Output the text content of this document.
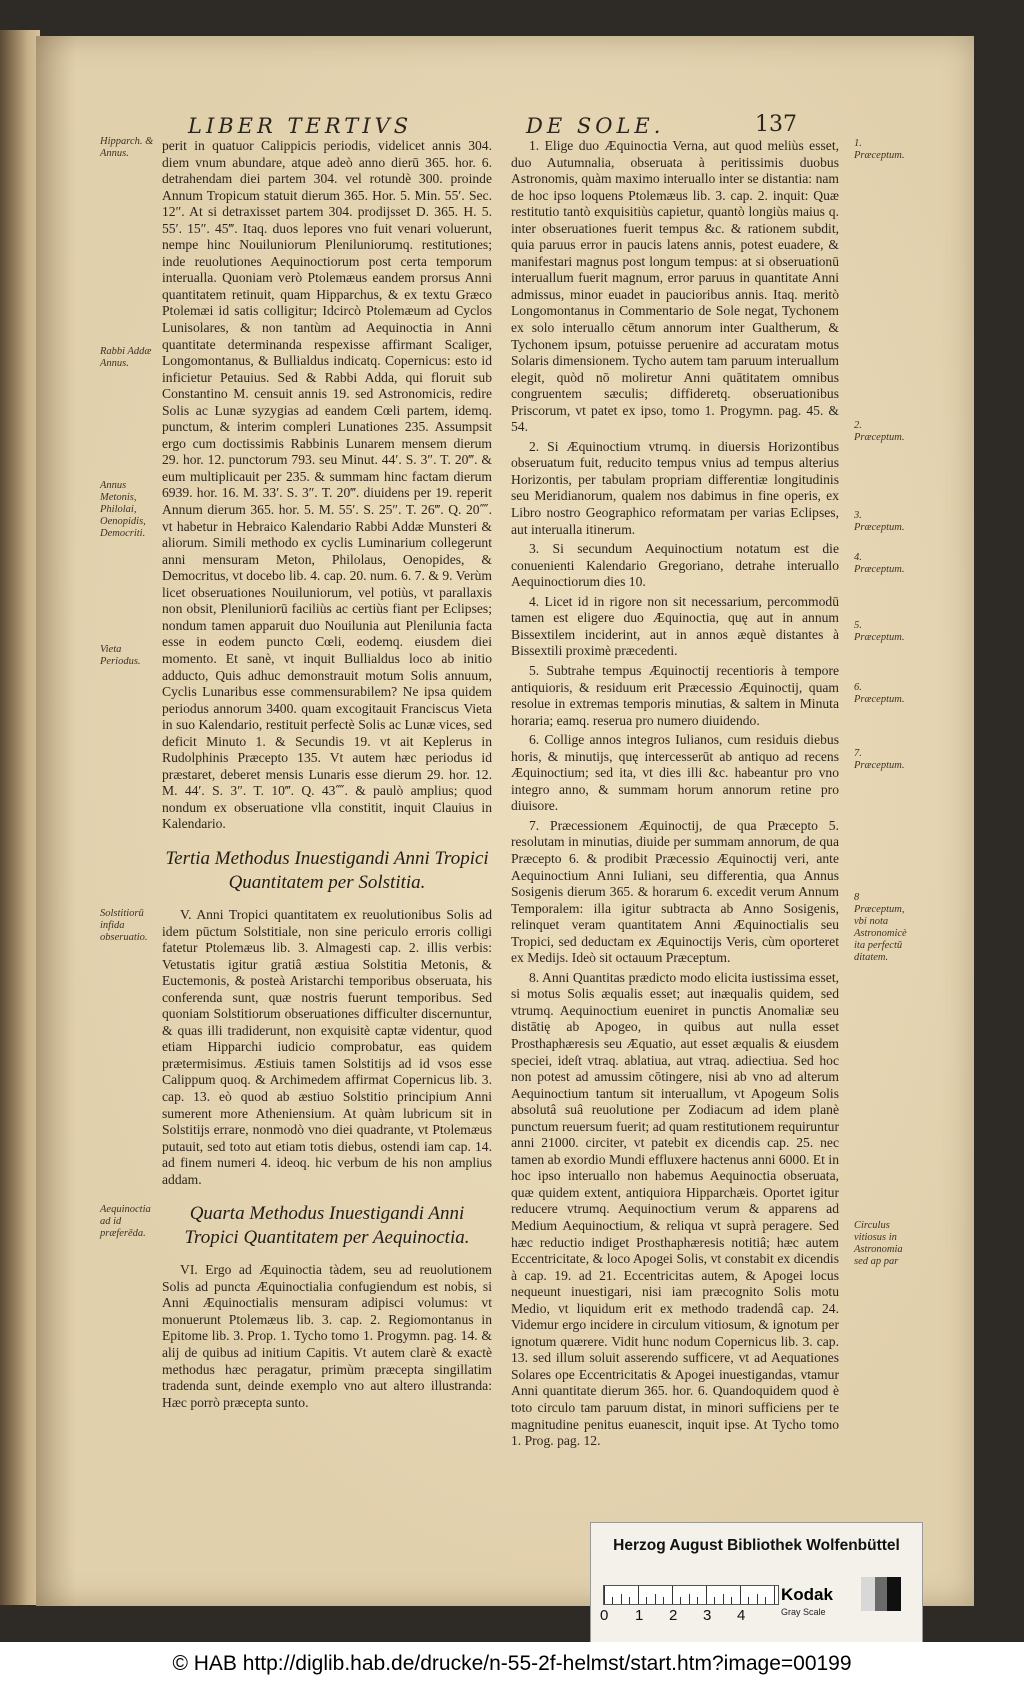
LIBER TERTIVS	DE SOLE.	137
Hipparch. & Annus.
Rabbi Addæ Annus.
Annus Metonis, Philolai, Oenopidis, Democriti.
Vieta Periodus.
Solstitiorū infida obseruatio.
Aequinoctia ad id præferēda.

perit in quatuor Calippicis periodis, videlicet annis 304. diem vnum abundare, atque adeò anno dierū 365. hor. 6. detrahendam diei partem 304. vel rotundè 300. proinde Annum Tropicum statuit dierum 365. Hor. 5. Min. 55′. Sec. 12″. At si detraxisset partem 304. prodijsset D. 365. H. 5. 55′. 15″. 45‴. Itaq. duos lepores vno fuit venari voluerunt, nempe hinc Nouiluniorum Pleniluniorumq. restitutiones; inde reuolutiones Aequinoctiorum post certa temporum interualla. Quoniam verò Ptolemæus eandem prorsus Anni quantitatem retinuit, quam Hipparchus, & ex textu Græco Ptolemæi id satis colligitur; Idcircò Ptolemæum ad Cyclos Lunisolares, & non tantùm ad Aequinoctia in Anni quantitate determinanda respexisse affirmant Scaliger, Longomontanus, & Bullialdus indicatq. Copernicus: esto id inficietur Petauius. Sed & Rabbi Adda, qui floruit sub Constantino M. censuit annis 19. sed Astronomicis, redire Solis ac Lunæ syzygias ad eandem Cœli partem, idemq. punctum, & interim compleri Lunationes 235. Assumpsit ergo cum doctissimis Rabbinis Lunarem mensem dierum 29. hor. 12. punctorum 793. seu Minut. 44′. S. 3″. T. 20‴. & eum multiplicauit per 235. & summam hinc factam dierum 6939. hor. 16. M. 33′. S. 3″. T. 20‴. diuidens per 19. reperit Annum dierum 365. hor. 5. M. 55′. S. 25″. T. 26‴. Q. 20⁗. vt habetur in Hebraico Kalendario Rabbi Addæ Munsteri & aliorum. Simili methodo ex cyclis Luminarium collegerunt anni mensuram Meton, Philolaus, Oenopides, & Democritus, vt docebo lib. 4. cap. 20. num. 6. 7. & 9. Verùm licet obseruationes Nouiluniorum, vel potiùs, vt parallaxis non obsit, Pleniluniorū faciliùs ac certiùs fiant per Eclipses; nondum tamen apparuit duo Nouilunia aut Plenilunia facta esse in eodem puncto Cœli, eodemq. eiusdem diei momento. Et sanè, vt inquit Bullialdus loco ab initio adducto, Quis adhuc demonstrauit motum Solis annuum, Cyclis Lunaribus esse commensurabilem? Ne ipsa quidem periodus annorum 3400. quam excogitauit Franciscus Vieta in suo Kalendario, restituit perfectè Solis ac Lunæ vices, sed deficit Minuto 1. & Secundis 19. vt ait Keplerus in Rudolphinis Præcepto 135. Vt autem hæc periodus id præstaret, deberet mensis Lunaris esse dierum 29. hor. 12. M. 44′. S. 3″. T. 10‴. Q. 43⁗. & paulò amplius; quod nondum ex obseruatione vlla constitit, inquit Clauius in Kalendario.

Tertia Methodus Inuestigandi Anni Tropici Quantitatem per Solstitia.

V. Anni Tropici quantitatem ex reuolutionibus Solis ad idem pūctum Solstitiale, non sine periculo erroris colligi fatetur Ptolemæus lib. 3. Almagesti cap. 2. illis verbis: Vetustatis igitur gratiâ æstiua Solstitia Metonis, & Euctemonis, & posteà Aristarchi temporibus obseruata, his conferenda sunt, quæ nostris fuerunt temporibus. Sed quoniam Solstitiorum obseruationes difficulter discernuntur, & quas illi tradiderunt, non exquisitè captæ videntur, quod etiam Hipparchi iudicio comprobatur, eas quidem prætermisimus. Æstiuis tamen Solstitijs ad id vsos esse Calippum quoq. & Archimedem affirmat Copernicus lib. 3. cap. 13. eò quod ab æstiuo Solstitio principium Anni sumerent more Atheniensium. At quàm lubricum sit in Solstitijs errare, nonmodò vno diei quadrante, vt Ptolemæus putauit, sed toto aut etiam totis diebus, ostendi iam cap. 14. ad finem numeri 4. ideoq. hic verbum de his non amplius addam.

Quarta Methodus Inuestigandi Anni Tropici Quantitatem per Aequinoctia.

VI. Ergo ad Æquinoctia tàdem, seu ad reuolutionem Solis ad puncta Æquinoctialia confugiendum est nobis, si Anni Æquinoctialis mensuram adipisci volumus: vt monuerunt Ptolemæus lib. 3. cap. 2. Regiomontanus in Epitome lib. 3. Prop. 1. Tycho tomo 1. Progymn. pag. 14. & alij de quibus ad initium Capitis. Vt autem clarè & exactè methodus hæc peragatur, primùm præcepta singillatim tradenda sunt, deinde exemplo vno aut altero illustranda: Hæc porrò præcepta sunto.

1. Elige duo Æquinoctia Verna, aut quod meliùs esset, duo Autumnalia, obseruata à peritissimis duobus Astronomis, quàm maximo interuallo inter se distantia: nam de hoc ipso loquens Ptolemæus lib. 3. cap. 2. inquit: Quæ restitutio tantò exquisitiùs capietur, quantò longiùs maius q. inter obseruationes fuerit tempus &c. & rationem subdit, quia paruus error in paucis latens annis, potest euadere, & manifestari magnus post longum tempus: at si obseruationū interuallum fuerit magnum, error paruus in quantitate Anni admissus, minor euadet in paucioribus annis. Itaq. meritò Longomontanus in Commentario de Sole negat, Tychonem ex solo interuallo cētum annorum inter Gualtherum, & Tychonem ipsum, potuisse peruenire ad accuratam motus Solaris dimensionem. Tycho autem tam paruum interuallum elegit, quòd nō moliretur Anni quātitatem omnibus congruentem sæculis; diffideretq. obseruationibus Priscorum, vt patet ex ipso, tomo 1. Progymn. pag. 45. & 54.

2. Si Æquinoctium vtrumq. in diuersis Horizontibus obseruatum fuit, reducito tempus vnius ad tempus alterius Horizontis, per tabulam propriam differentiæ longitudinis seu Meridianorum, qualem nos dabimus in fine operis, ex Libro nostro Geographico reformatam per varias Eclipses, aut interualla itinerum.

3. Si secundum Aequinoctium notatum est die conuenienti Kalendario Gregoriano, detrahe interuallo Aequinoctiorum dies 10.

4. Licet id in rigore non sit necessarium, percommodū tamen est eligere duo Æquinoctia, quę aut in annum Bissextilem inciderint, aut in annos æquè distantes à Bissextili proximè præcedenti.

5. Subtrahe tempus Æquinoctij recentioris à tempore antiquioris, & residuum erit Præcessio Æquinoctij, quam resolue in extremas temporis minutias, & saltem in Minuta horaria; eamq. reserua pro numero diuidendo.

6. Collige annos integros Iulianos, cum residuis diebus horis, & minutijs, quę intercesserūt ab antiquo ad recens Æquinoctium; sed ita, vt dies illi &c. habeantur pro vno integro anno, & summam horum annorum retine pro diuisore.

7. Præcessionem Æquinoctij, de qua Præcepto 5. resolutam in minutias, diuide per summam annorum, de qua Præcepto 6. & prodibit Præcessio Æquinoctij veri, ante Aequinoctium Anni Iuliani, seu differentia, qua Annus Sosigenis dierum 365. & horarum 6. excedit verum Annum Temporalem: illa igitur subtracta ab Anno Sosigenis, relinquet veram quantitatem Anni Æquinoctialis seu Tropici, sed deductam ex Æquinoctijs Veris, cùm oporteret ex Medijs. Ideò sit octauum Præceptum.

8. Anni Quantitas prædicto modo elicita iustissima esset, si motus Solis æqualis esset; aut inæqualis quidem, sed vtrumq. Aequinoctium eueniret in punctis Anomaliæ seu distātię ab Apogeo, in quibus aut nulla esset Prosthaphæresis seu Æquatio, aut esset æqualis & eiusdem speciei, ideſt vtraq. ablatiua, aut vtraq. adiectiua. Sed hoc non potest ad amussim cōtingere, nisi ab vno ad alterum Aequinoctium tantum sit interuallum, vt Apogeum Solis absolutâ suâ reuolutione per Zodiacum ad idem planè punctum reuersum fuerit; ad quam restitutionem requiruntur anni 21000. circiter, vt patebit ex dicendis cap. 25. nec tamen ab exordio Mundi effluxere hactenus anni 6000. Et in hoc ipso interuallo non habemus Aequinoctia obseruata, quæ quidem extent, antiquiora Hipparchæis. Oportet igitur reducere vtrumq. Aequinoctium verum & apparens ad Medium Aequinoctium, & reliqua vt suprà peragere. Sed hæc reductio indiget Prosthaphæresis notitiâ; hæc autem Eccentricitate, & loco Apogei Solis, vt constabit ex dicendis à cap. 19. ad 21. Eccentricitas autem, & Apogei locus nequeunt inuestigari, nisi iam præcognito Solis motu Medio, vt liquidum erit ex methodo tradendâ cap. 24. Videmur ergo incidere in circulum vitiosum, & ignotum per ignotum quærere. Vidit hunc nodum Copernicus lib. 3. cap. 13. sed illum soluit asserendo sufficere, vt ad Aequationes Solares ope Eccentricitatis & Apogei inuestigandas, vtamur Anni quantitate dierum 365. hor. 6. Quandoquidem quod è toto circulo tam paruum distat, in minori sufficiens per te magnitudine penitus euanescit, inquit ipse. At Tycho tomo 1. Prog. pag. 12.

1. Præceptum.
2. Præceptum.
3. Præceptum.
4. Præceptum.
5. Præceptum.
6. Præceptum.
7. Præceptum.
8 Præceptum, vbi nota Astronomicè ita perfectū ditatem.
Circulus vitiosus in Astronomia sed ap par
Herzog August Bibliothek Wolfenbüttel
0 1 2 3 4
Kodak
Gray Scale
© HAB http://diglib.hab.de/drucke/n-55-2f-helmst/start.htm?image=00199
